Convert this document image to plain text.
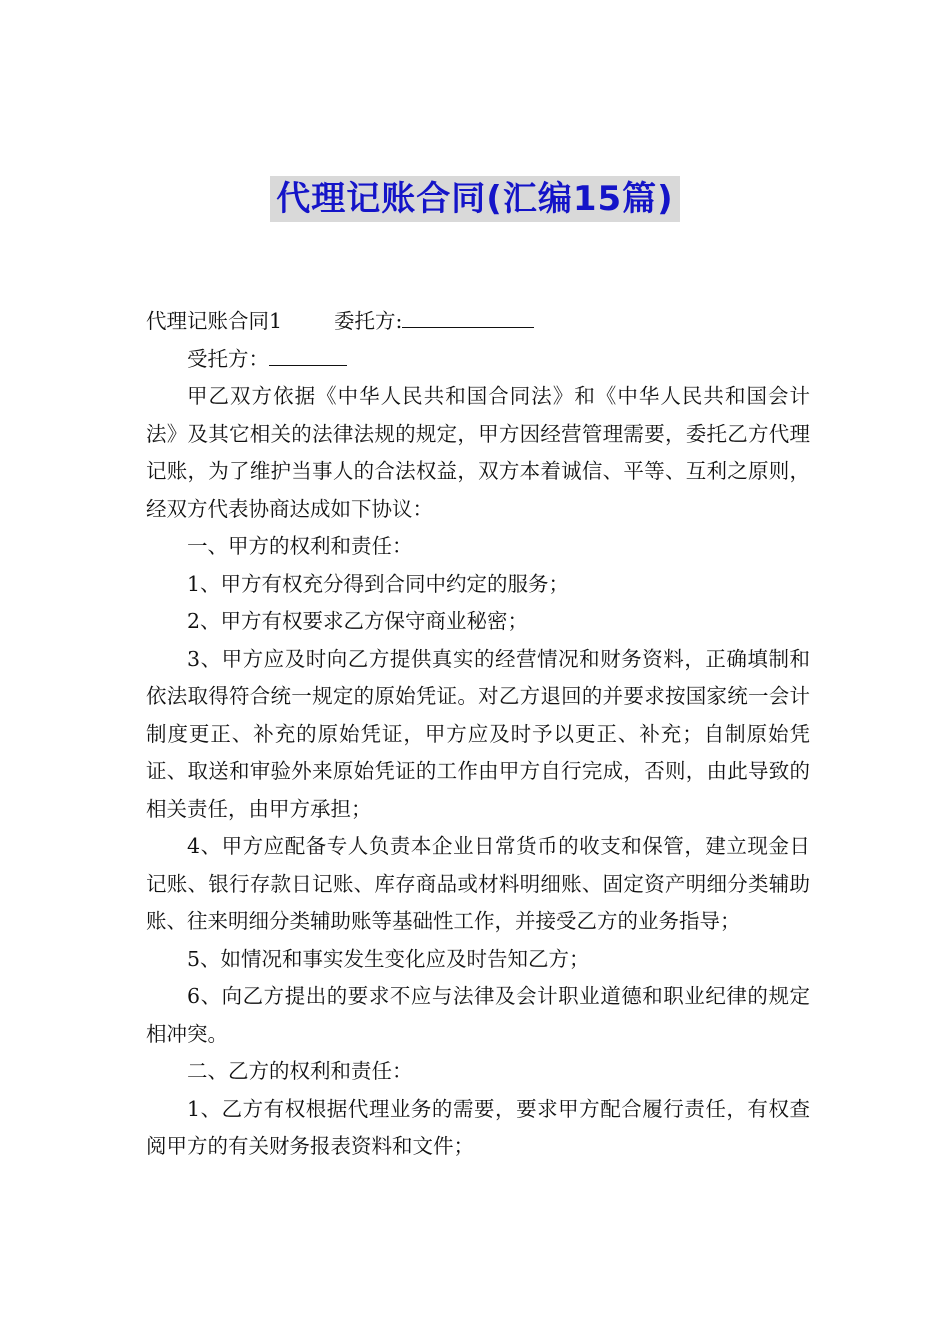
代理记账合同(汇编15篇)

代理记账合同1	委托方:

受托方：

甲乙双方依据《中华人民共和国合同法》和《中华人民共和国会计法》及其它相关的法律法规的规定，甲方因经营管理需要，委托乙方代理记账，为了维护当事人的合法权益，双方本着诚信、平等、互利之原则，经双方代表协商达成如下协议：

一、甲方的权利和责任：

1、甲方有权充分得到合同中约定的服务；

2、甲方有权要求乙方保守商业秘密；

3、甲方应及时向乙方提供真实的经营情况和财务资料，正确填制和依法取得符合统一规定的原始凭证。对乙方退回的并要求按国家统一会计制度更正、补充的原始凭证，甲方应及时予以更正、补充；自制原始凭证、取送和审验外来原始凭证的工作由甲方自行完成，否则，由此导致的相关责任，由甲方承担；

4、甲方应配备专人负责本企业日常货币的收支和保管，建立现金日记账、银行存款日记账、库存商品或材料明细账、固定资产明细分类辅助账、往来明细分类辅助账等基础性工作，并接受乙方的业务指导；

5、如情况和事实发生变化应及时告知乙方；

6、向乙方提出的要求不应与法律及会计职业道德和职业纪律的规定相冲突。

二、乙方的权利和责任：

1、乙方有权根据代理业务的需要，要求甲方配合履行责任，有权查阅甲方的有关财务报表资料和文件；
